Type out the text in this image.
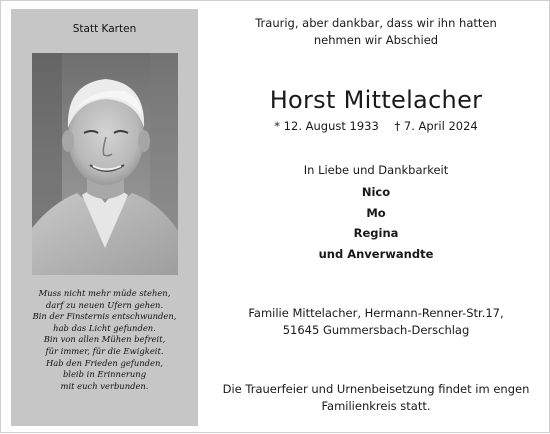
Statt Karten
Muss nicht mehr müde stehen,
darf zu neuen Ufern gehen.
Bin der Finsternis entschwunden,
hab das Licht gefunden.
Bin von allen Mühen befreit,
für immer, für die Ewigkeit.
Hab den Frieden gefunden,
bleib in Erinnerung
mit euch verbunden.
Traurig, aber dankbar, dass wir ihn hatten
nehmen wir Abschied
Horst Mittelacher
* 12. August 1933 † 7. April 2024
In Liebe und Dankbarkeit
Nico
Mo
Regina
und Anverwandte
Familie Mittelacher, Hermann-Renner-Str.17,
51645 Gummersbach-Derschlag
Die Trauerfeier und Urnenbeisetzung findet im engen
Familienkreis statt.
